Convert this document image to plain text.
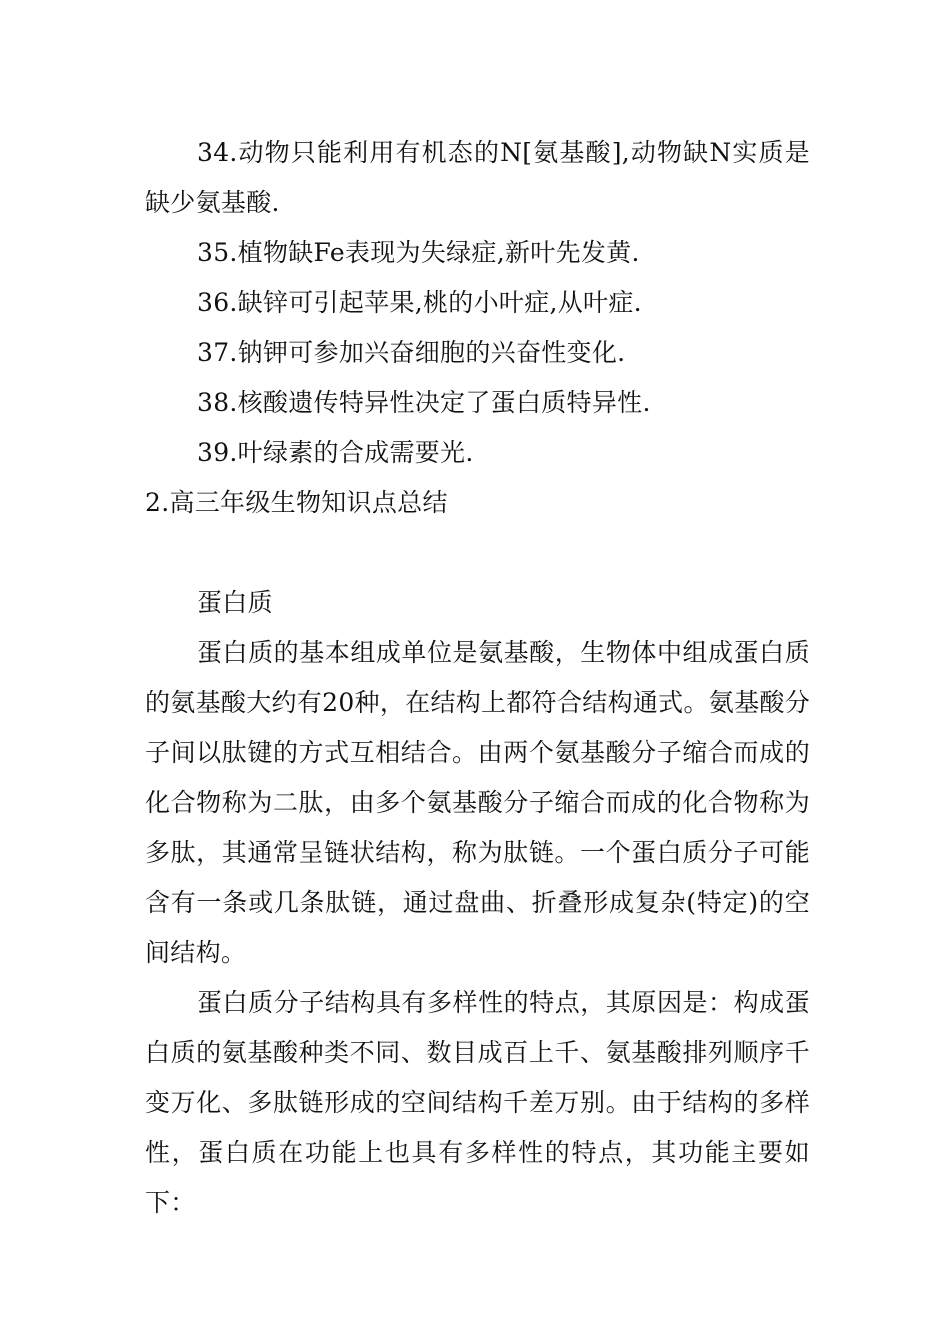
34.动物只能利用有机态的N[氨基酸],动物缺N实质是缺少氨基酸.

35.植物缺Fe表现为失绿症,新叶先发黄.

36.缺锌可引起苹果,桃的小叶症,从叶症.

37.钠钾可参加兴奋细胞的兴奋性变化.

38.核酸遗传特异性决定了蛋白质特异性.

39.叶绿素的合成需要光.

2.高三年级生物知识点总结

蛋白质

蛋白质的基本组成单位是氨基酸，生物体中组成蛋白质的氨基酸大约有20种，在结构上都符合结构通式。氨基酸分子间以肽键的方式互相结合。由两个氨基酸分子缩合而成的化合物称为二肽，由多个氨基酸分子缩合而成的化合物称为多肽，其通常呈链状结构，称为肽链。一个蛋白质分子可能含有一条或几条肽链，通过盘曲、折叠形成复杂(特定)的空间结构。

蛋白质分子结构具有多样性的特点，其原因是：构成蛋白质的氨基酸种类不同、数目成百上千、氨基酸排列顺序千变万化、多肽链形成的空间结构千差万别。由于结构的多样性，蛋白质在功能上也具有多样性的特点，其功能主要如下：
